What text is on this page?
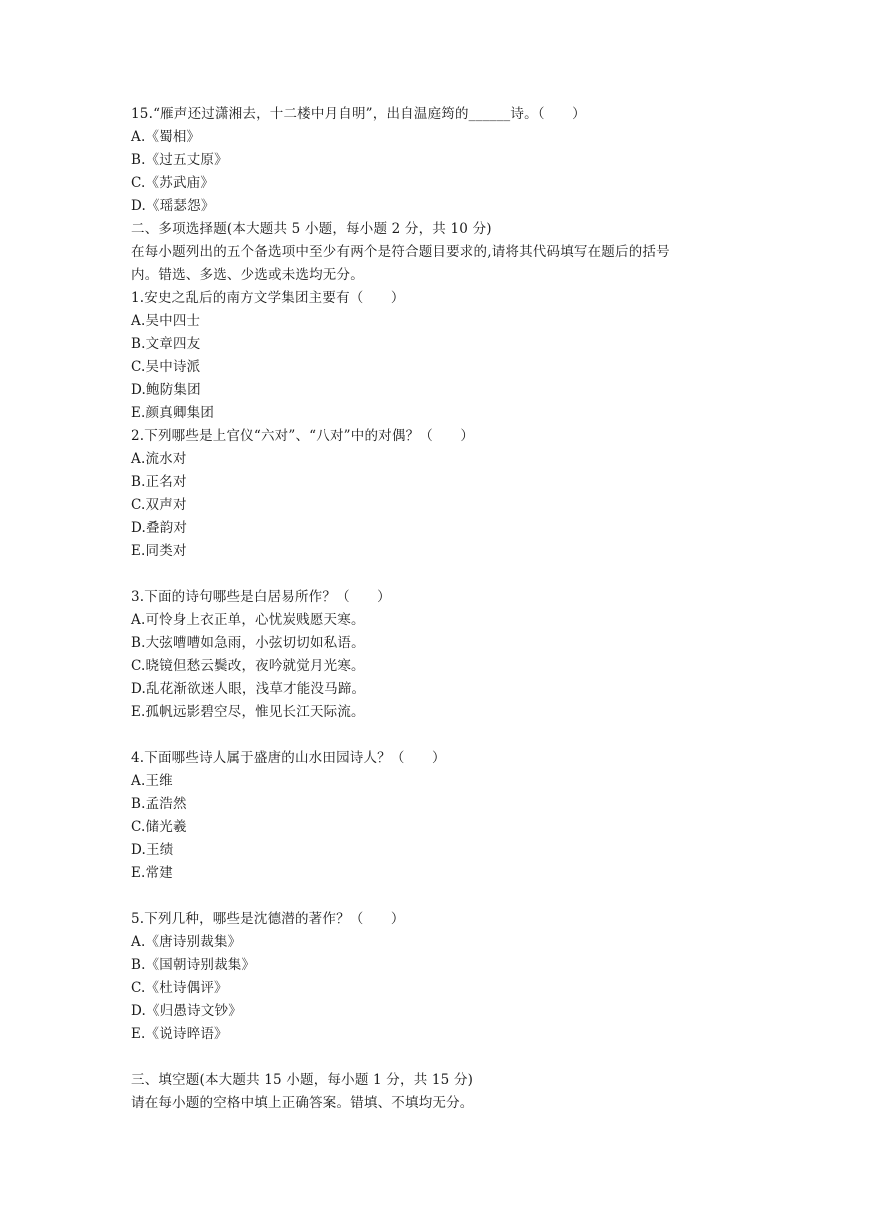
15.“雁声还过潇湘去，十二楼中月自明”，出自温庭筠的______诗。（　　）
A.《蜀相》
B.《过五丈原》
C.《苏武庙》
D.《瑶瑟怨》
二、多项选择题(本大题共 5 小题，每小题 2 分，共 10 分)
在每小题列出的五个备选项中至少有两个是符合题目要求的,请将其代码填写在题后的括号
内。错选、多选、少选或未选均无分。
1.安史之乱后的南方文学集团主要有（　　）
A.吴中四士
B.文章四友
C.吴中诗派
D.鲍防集团
E.颜真卿集团
2.下列哪些是上官仪“六对”、“八对”中的对偶？（　　）
A.流水对
B.正名对
C.双声对
D.叠韵对
E.同类对
3.下面的诗句哪些是白居易所作？（　　）
A.可怜身上衣正单，心忧炭贱愿天寒。
B.大弦嘈嘈如急雨，小弦切切如私语。
C.晓镜但愁云鬓改，夜吟就觉月光寒。
D.乱花渐欲迷人眼，浅草才能没马蹄。
E.孤帆远影碧空尽，惟见长江天际流。
4.下面哪些诗人属于盛唐的山水田园诗人？（　　）
A.王维
B.孟浩然
C.储光羲
D.王绩
E.常建
5.下列几种，哪些是沈德潜的著作？（　　）
A.《唐诗别裁集》
B.《国朝诗别裁集》
C.《杜诗偶评》
D.《归愚诗文钞》
E.《说诗晬语》
三、填空题(本大题共 15 小题，每小题 1 分，共 15 分)
请在每小题的空格中填上正确答案。错填、不填均无分。
